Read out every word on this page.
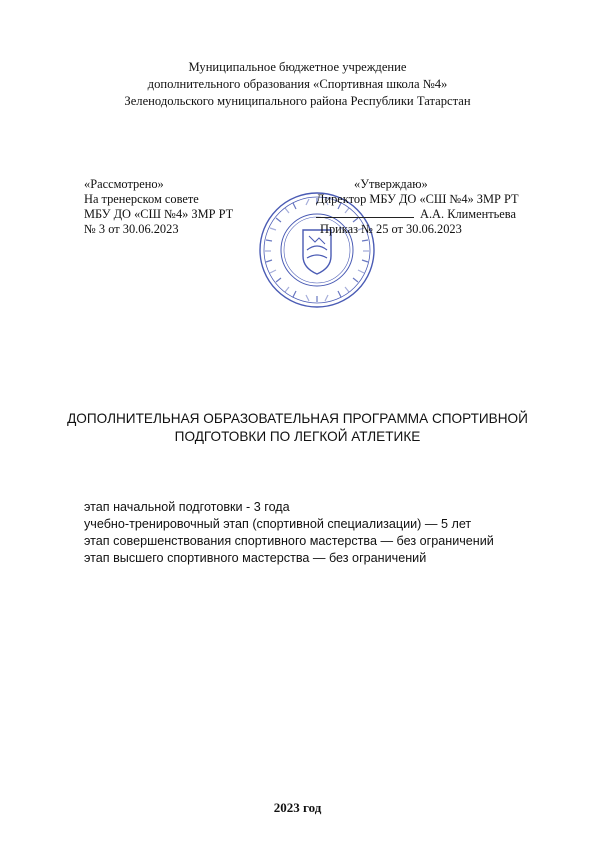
Муниципальное бюджетное учреждение
дополнительного образования «Спортивная школа №4»
Зеленодольского муниципального района Республики Татарстан
«Рассмотрено»
На тренерском совете
МБУ ДО «СШ №4» ЗМР РТ
№ 3 от 30.06.2023
«Утверждаю»
Директор МБУ ДО «СШ №4» ЗМР РТ
А.А. Климентьева
Приказ № 25 от 30.06.2023
ДОПОЛНИТЕЛЬНАЯ ОБРАЗОВАТЕЛЬНАЯ ПРОГРАММА СПОРТИВНОЙ
ПОДГОТОВКИ ПО ЛЕГКОЙ АТЛЕТИКЕ
этап начальной подготовки - 3 года
учебно-тренировочный этап (спортивной специализации) — 5 лет
этап совершенствования спортивного мастерства — без ограничений
этап высшего спортивного мастерства — без ограничений
2023 год
